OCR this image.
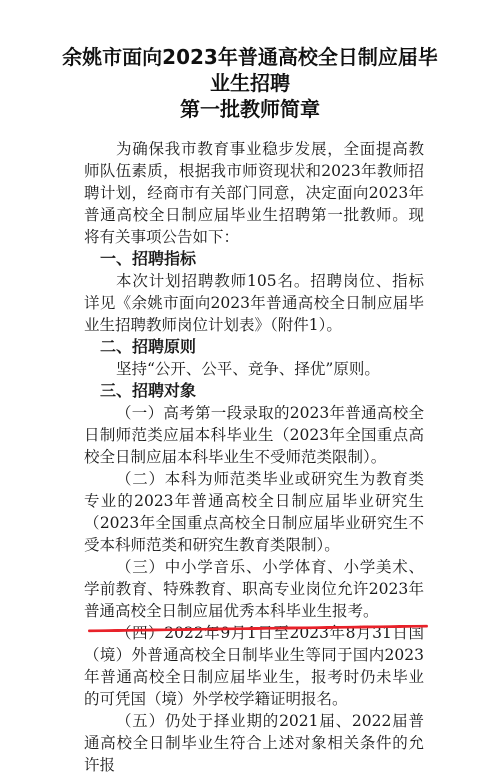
余姚市面向2023年普通高校全日制应届毕
业生招聘
第一批教师简章

为确保我市教育事业稳步发展，全面提高教师队伍素质，根据我市师资现状和2023年教师招聘计划，经商市有关部门同意，决定面向2023年普通高校全日制应届毕业生招聘第一批教师。现将有关事项公告如下：

一、招聘指标

本次计划招聘教师105名。招聘岗位、指标详见《余姚市面向2023年普通高校全日制应届毕业生招聘教师岗位计划表》（附件1）。

二、招聘原则

坚持“公开、公平、竞争、择优”原则。

三、招聘对象

（一）高考第一段录取的2023年普通高校全日制师范类应届本科毕业生（2023年全国重点高校全日制应届本科毕业生不受师范类限制）。

（二）本科为师范类毕业或研究生为教育类专业的2023年普通高校全日制应届毕业研究生（2023年全国重点高校全日制应届毕业研究生不受本科师范类和研究生教育类限制）。

（三）中小学音乐、小学体育、小学美术、学前教育、特殊教育、职高专业岗位允许2023年普通高校全日制应届优秀本科毕业生报考。

（四）2022年9月1日至2023年8月31日国（境）外普通高校全日制毕业生等同于国内2023年普通高校全日制应届毕业生，报考时仍未毕业的可凭国（境）外学校学籍证明报名。

（五）仍处于择业期的2021届、2022届普通高校全日制毕业生符合上述对象相关条件的允许报
